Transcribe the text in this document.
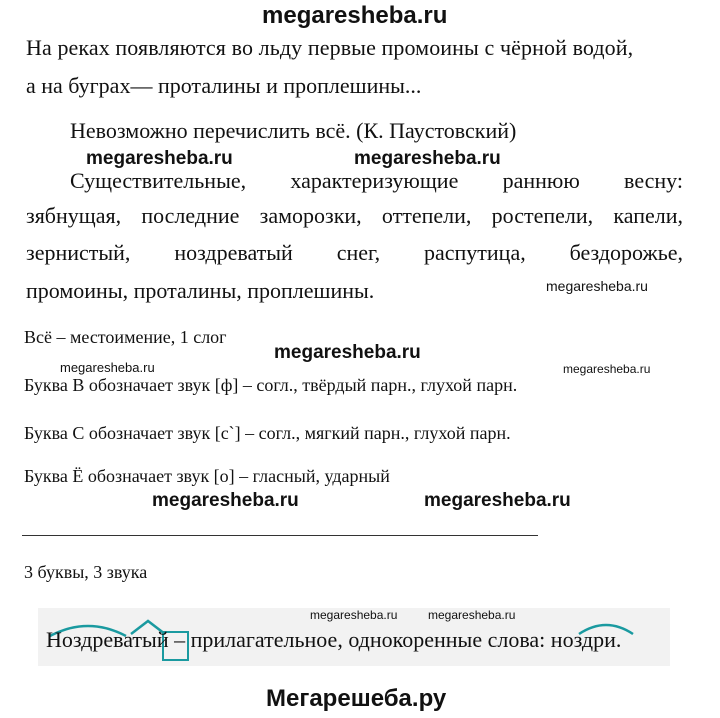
megaresheba.ru
На реках появляются во льду первые промоины с чёрной водой,
а на буграх— проталины и проплешины...
Невозможно перечислить всё. (К. Паустовский)
megaresheba.ru	megaresheba.ru
Существительные, характеризующие раннюю весну:
зябнущая, последние заморозки, оттепели, ростепели, капели,
зернистый, ноздреватый снег, распутица, бездорожье,
промоины, проталины, проплешины.	megaresheba.ru
Всё – местоимение, 1 слог
megaresheba.ru
megaresheba.ru	megaresheba.ru
Буква В обозначает звук [ф] – согл., твёрдый парн., глухой парн.
Буква С обозначает звук [с`] – согл., мягкий парн., глухой парн.
Буква Ё обозначает звук [о] – гласный, ударный
megaresheba.ru	megaresheba.ru
3 буквы, 3 звука
megaresheba.ru	megaresheba.ru
Ноздреватый – прилагательное, однокоренные слова: ноздри.
Мегарешеба.ру
